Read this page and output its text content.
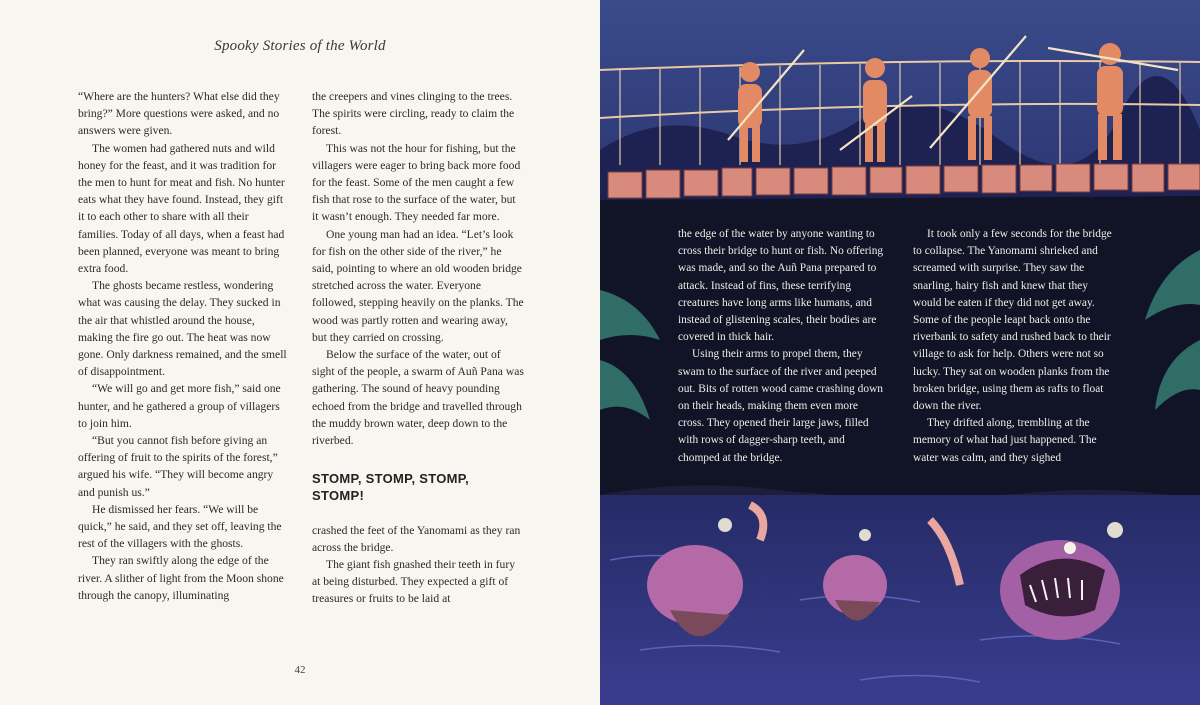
Spooky Stories of the World

“Where are the hunters? What else did they bring?” More questions were asked, and no answers were given.

The women had gathered nuts and wild honey for the feast, and it was tradition for the men to hunt for meat and fish. No hunter eats what they have found. Instead, they gift it to each other to share with all their families. Today of all days, when a feast had been planned, everyone was meant to bring extra food.

The ghosts became restless, wondering what was causing the delay. They sucked in the air that whistled around the house, making the fire go out. The heat was now gone. Only darkness remained, and the smell of disappointment.

“We will go and get more fish,” said one hunter, and he gathered a group of villagers to join him.

“But you cannot fish before giving an offering of fruit to the spirits of the forest,” argued his wife. “They will become angry and punish us.”

He dismissed her fears. “We will be quick,” he said, and they set off, leaving the rest of the villagers with the ghosts.

They ran swiftly along the edge of the river. A slither of light from the Moon shone through the canopy, illuminating

the creepers and vines clinging to the trees. The spirits were circling, ready to claim the forest.

This was not the hour for fishing, but the villagers were eager to bring back more food for the feast. Some of the men caught a few fish that rose to the surface of the water, but it wasn’t enough. They needed far more.

One young man had an idea. “Let’s look for fish on the other side of the river,” he said, pointing to where an old wooden bridge stretched across the water. Everyone followed, stepping heavily on the planks. The wood was partly rotten and wearing away, but they carried on crossing.

Below the surface of the water, out of sight of the people, a swarm of Auñ Pana was gathering. The sound of heavy pounding echoed from the bridge and travelled through the muddy brown water, deep down to the riverbed.

STOMP, STOMP, STOMP, STOMP!

crashed the feet of the Yanomami as they ran across the bridge.

The giant fish gnashed their teeth in fury at being disturbed. They expected a gift of treasures or fruits to be laid at

42

the edge of the water by anyone wanting to cross their bridge to hunt or fish. No offering was made, and so the Auñ Pana prepared to attack. Instead of fins, these terrifying creatures have long arms like humans, and instead of glistening scales, their bodies are covered in thick hair.

Using their arms to propel them, they swam to the surface of the river and peeped out. Bits of rotten wood came crashing down on their heads, making them even more cross. They opened their large jaws, filled with rows of dagger-sharp teeth, and chomped at the bridge.

It took only a few seconds for the bridge to collapse. The Yanomami shrieked and screamed with surprise. They saw the snarling, hairy fish and knew that they would be eaten if they did not get away. Some of the people leapt back onto the riverbank to safety and rushed back to their village to ask for help. Others were not so lucky. They sat on wooden planks from the broken bridge, using them as rafts to float down the river.

They drifted along, trembling at the memory of what had just happened. The water was calm, and they sighed
